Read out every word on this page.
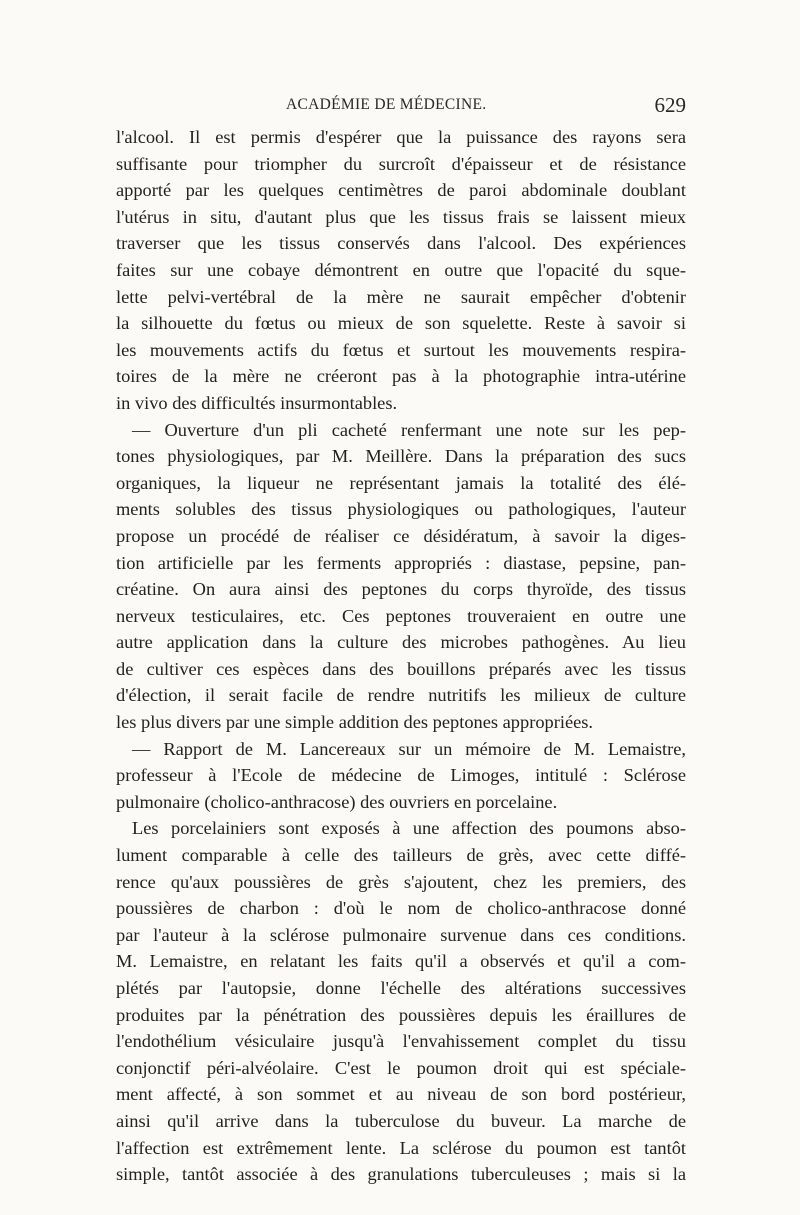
ACADÉMIE DE MÉDECINE.	629

l'alcool. Il est permis d'espérer que la puissance des rayons sera
suffisante pour triompher du surcroît d'épaisseur et de résistance
apporté par les quelques centimètres de paroi abdominale doublant
l'utérus in situ, d'autant plus que les tissus frais se laissent mieux
traverser que les tissus conservés dans l'alcool. Des expériences
faites sur une cobaye démontrent en outre que l'opacité du sque-
lette pelvi-vertébral de la mère ne saurait empêcher d'obtenir
la silhouette du fœtus ou mieux de son squelette. Reste à savoir si
les mouvements actifs du fœtus et surtout les mouvements respira-
toires de la mère ne créeront pas à la photographie intra-utérine
in vivo des difficultés insurmontables.

— Ouverture d'un pli cacheté renfermant une note sur les pep-
tones physiologiques, par M. Meillère. Dans la préparation des sucs
organiques, la liqueur ne représentant jamais la totalité des élé-
ments solubles des tissus physiologiques ou pathologiques, l'auteur
propose un procédé de réaliser ce désidératum, à savoir la diges-
tion artificielle par les ferments appropriés : diastase, pepsine, pan-
créatine. On aura ainsi des peptones du corps thyroïde, des tissus
nerveux testiculaires, etc. Ces peptones trouveraient en outre une
autre application dans la culture des microbes pathogènes. Au lieu
de cultiver ces espèces dans des bouillons préparés avec les tissus
d'élection, il serait facile de rendre nutritifs les milieux de culture
les plus divers par une simple addition des peptones appropriées.

— Rapport de M. Lancereaux sur un mémoire de M. Lemaistre,
professeur à l'Ecole de médecine de Limoges, intitulé : Sclérose
pulmonaire (cholico-anthracose) des ouvriers en porcelaine.

Les porcelainiers sont exposés à une affection des poumons abso-
lument comparable à celle des tailleurs de grès, avec cette diffé-
rence qu'aux poussières de grès s'ajoutent, chez les premiers, des
poussières de charbon : d'où le nom de cholico-anthracose donné
par l'auteur à la sclérose pulmonaire survenue dans ces conditions.
M. Lemaistre, en relatant les faits qu'il a observés et qu'il a com-
plétés par l'autopsie, donne l'échelle des altérations successives
produites par la pénétration des poussières depuis les éraillures de
l'endothélium vésiculaire jusqu'à l'envahissement complet du tissu
conjonctif péri-alvéolaire. C'est le poumon droit qui est spéciale-
ment affecté, à son sommet et au niveau de son bord postérieur,
ainsi qu'il arrive dans la tuberculose du buveur. La marche de
l'affection est extrêmement lente. La sclérose du poumon est tantôt
simple, tantôt associée à des granulations tuberculeuses ; mais si la
